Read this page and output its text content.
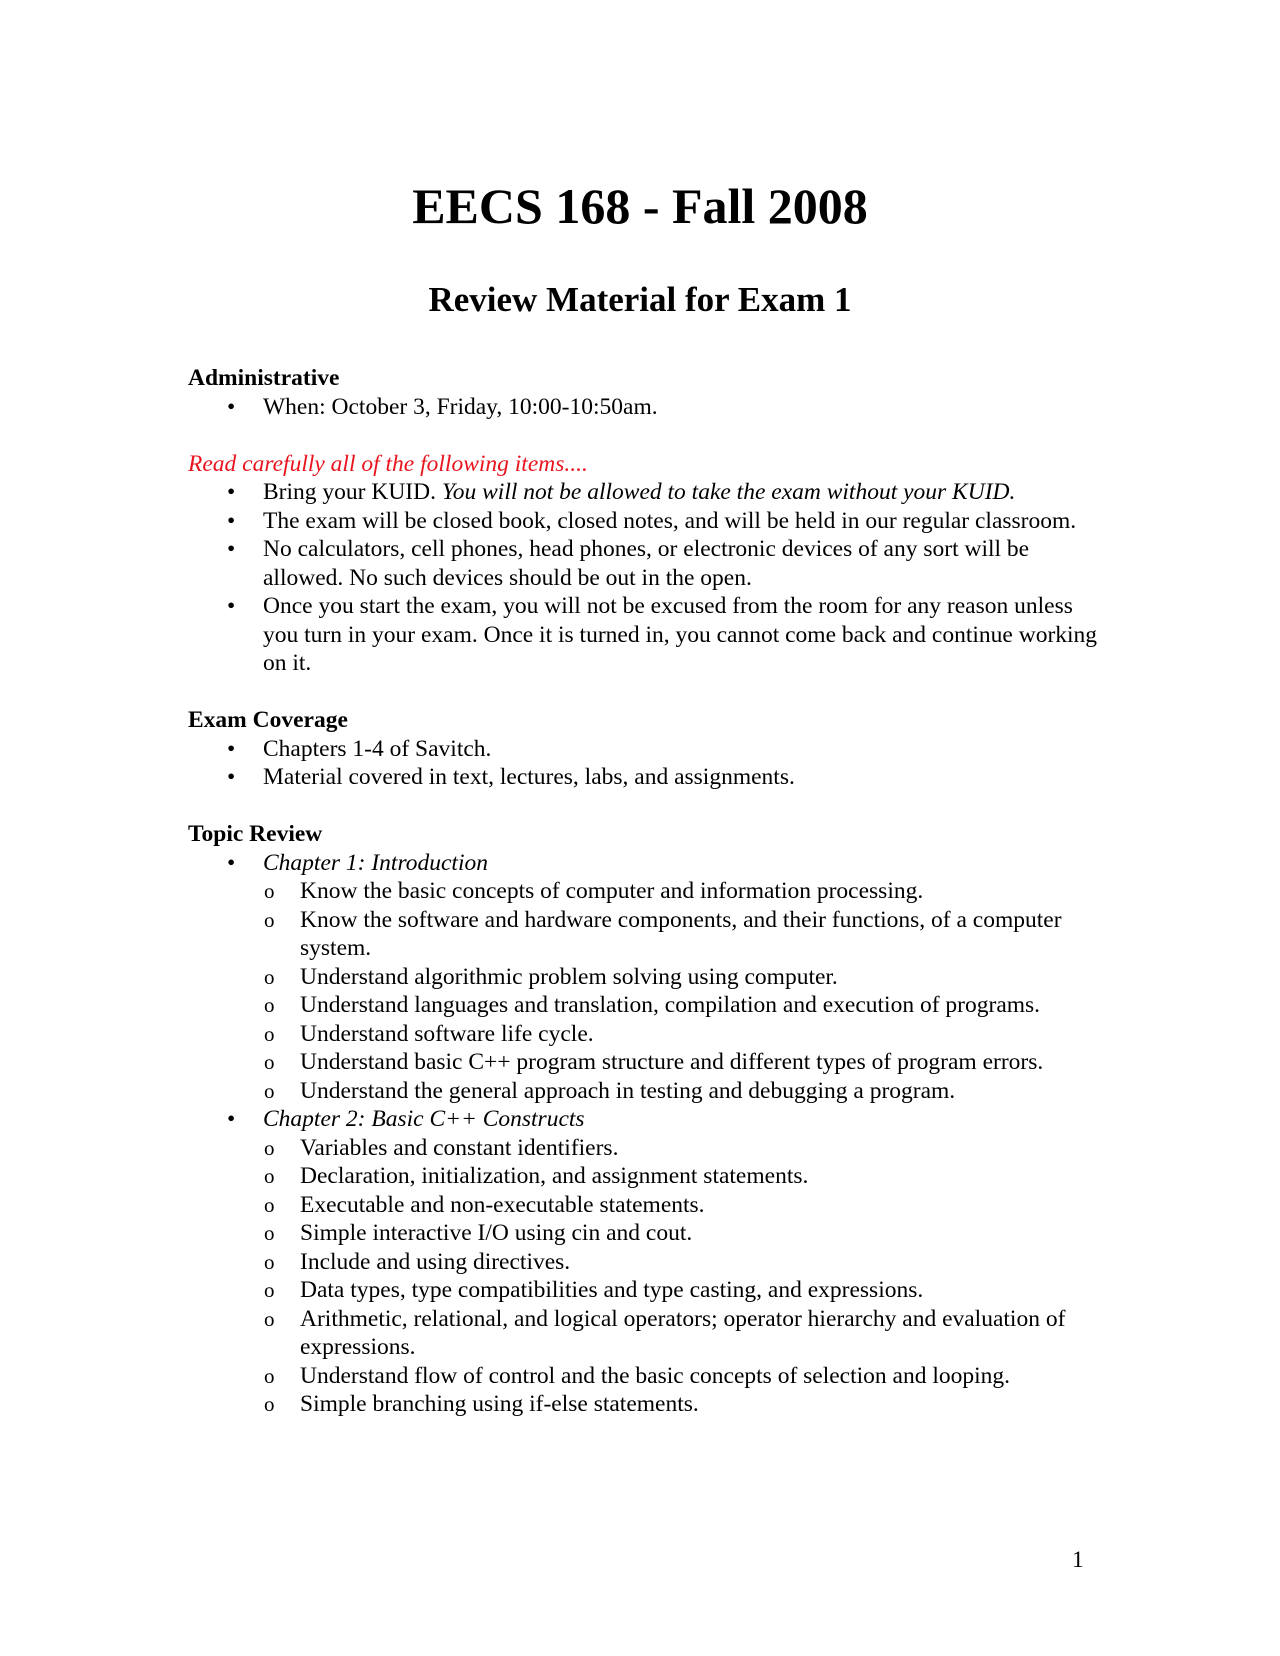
EECS 168 - Fall 2008
Review Material for Exam 1

Administrative

• When: October 3, Friday, 10:00-10:50am.

Read carefully all of the following items....

• Bring your KUID. You will not be allowed to take the exam without your KUID.
• The exam will be closed book, closed notes, and will be held in our regular classroom.
• No calculators, cell phones, head phones, or electronic devices of any sort will be allowed. No such devices should be out in the open.
• Once you start the exam, you will not be excused from the room for any reason unless you turn in your exam. Once it is turned in, you cannot come back and continue working on it.

Exam Coverage

• Chapters 1-4 of Savitch.
• Material covered in text, lectures, labs, and assignments.

Topic Review

• Chapter 1: Introduction
o Know the basic concepts of computer and information processing.
o Know the software and hardware components, and their functions, of a computer system.
o Understand algorithmic problem solving using computer.
o Understand languages and translation, compilation and execution of programs.
o Understand software life cycle.
o Understand basic C++ program structure and different types of program errors.
o Understand the general approach in testing and debugging a program.
• Chapter 2: Basic C++ Constructs
o Variables and constant identifiers.
o Declaration, initialization, and assignment statements.
o Executable and non-executable statements.
o Simple interactive I/O using cin and cout.
o Include and using directives.
o Data types, type compatibilities and type casting, and expressions.
o Arithmetic, relational, and logical operators; operator hierarchy and evaluation of expressions.
o Understand flow of control and the basic concepts of selection and looping.
o Simple branching using if-else statements.
1
